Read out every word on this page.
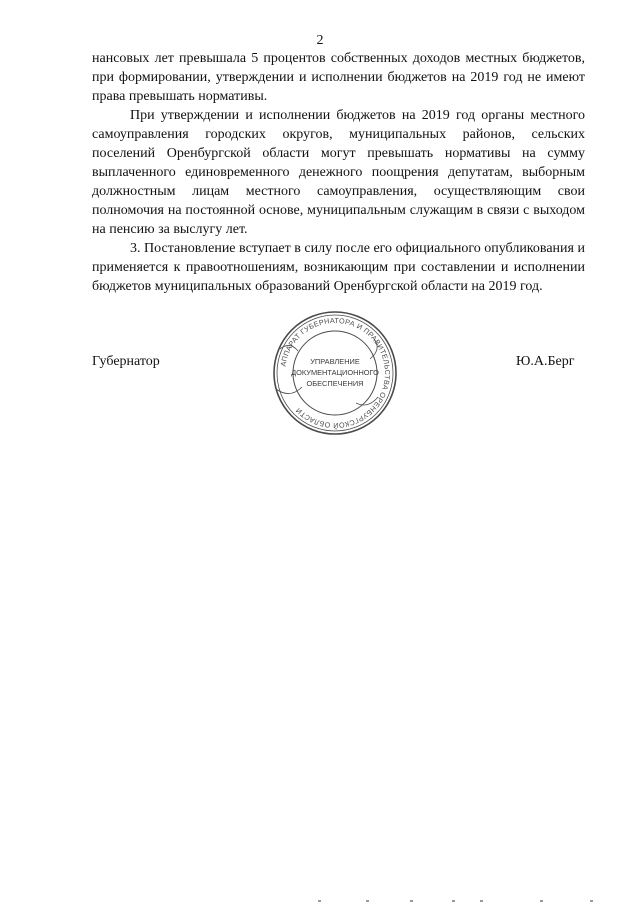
2

нансовых лет превышала 5 процентов собственных доходов местных бюджетов, при формировании, утверждении и исполнении бюджетов на 2019 год не имеют права превышать нормативы.

При утверждении и исполнении бюджетов на 2019 год органы местного самоуправления городских округов, муниципальных районов, сельских поселений Оренбургской области могут превышать нормативы на сумму выплаченного единовременного денежного поощрения депутатам, выборным должностным лицам местного самоуправления, осуществляющим свои полномочия на постоянной основе, муниципальным служащим в связи с выходом на пенсию за выслугу лет.

3. Постановление вступает в силу после его официального опубликования и применяется к правоотношениям, возникающим при составлении и исполнении бюджетов муниципальных образований Оренбургской области на 2019 год.

Губернатор	АППАРАТ ГУБЕРНАТОРА И ПРАВИТЕЛЬСТВА ОРЕНБУРГСКОЙ ОБЛАСТИ
УПРАВЛЕНИЕ
ДОКУМЕНТАЦИОННОГО
ОБЕСПЕЧЕНИЯ
Ю.А.Берг
